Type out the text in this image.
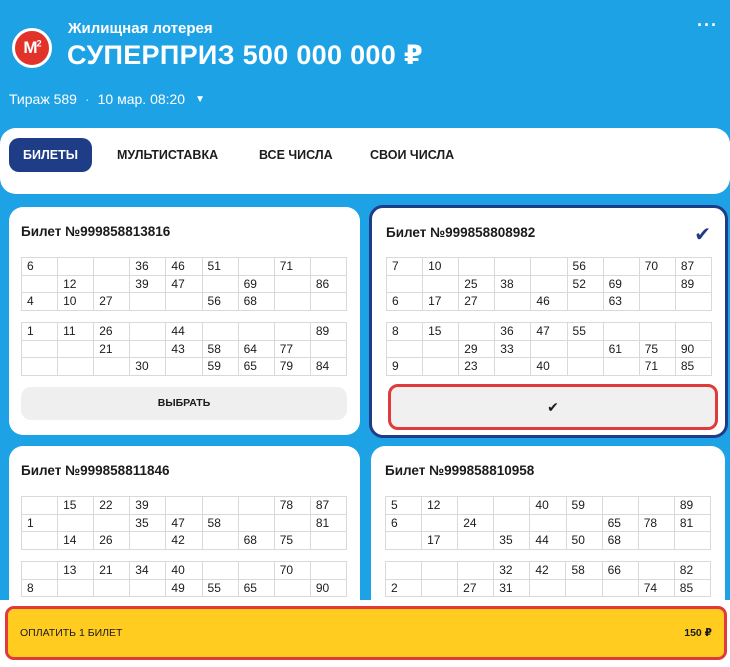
$М^2$
Жилищная лотерея
СУПЕРПРИЗ 500 000 000 ₽
···
Тираж 589 · 10 мар. 08:20 ▼
БИЛЕТЫ	МУЛЬТИСТАВКА	ВСЕ ЧИСЛА	СВОИ ЧИСЛА
Билет №999858813816
6			36	46	51		71	
	12		39	47		69		86
4	10	27			56	68		
1	11	26		44				89
		21		43	58	64	77	
			30		59	65	79	84
ВЫБРАТЬ
Билет №999858808982	✔
7	10				56		70	87
		25	38		52	69		89
6	17	27		46		63		
8	15		36	47	55			
		29	33			61	75	90
9		23		40			71	85
✔
Билет №999858811846
	15	22	39				78	87
1			35	47	58			81
	14	26		42		68	75	
	13	21	34	40			70	
8				49	55	65		90
Билет №999858810958
5	12			40	59			89
6		24				65	78	81
	17		35	44	50	68		
			32	42	58	66		82
2		27	31				74	85
ОПЛАТИТЬ 1 БИЛЕТ	150 ₽
